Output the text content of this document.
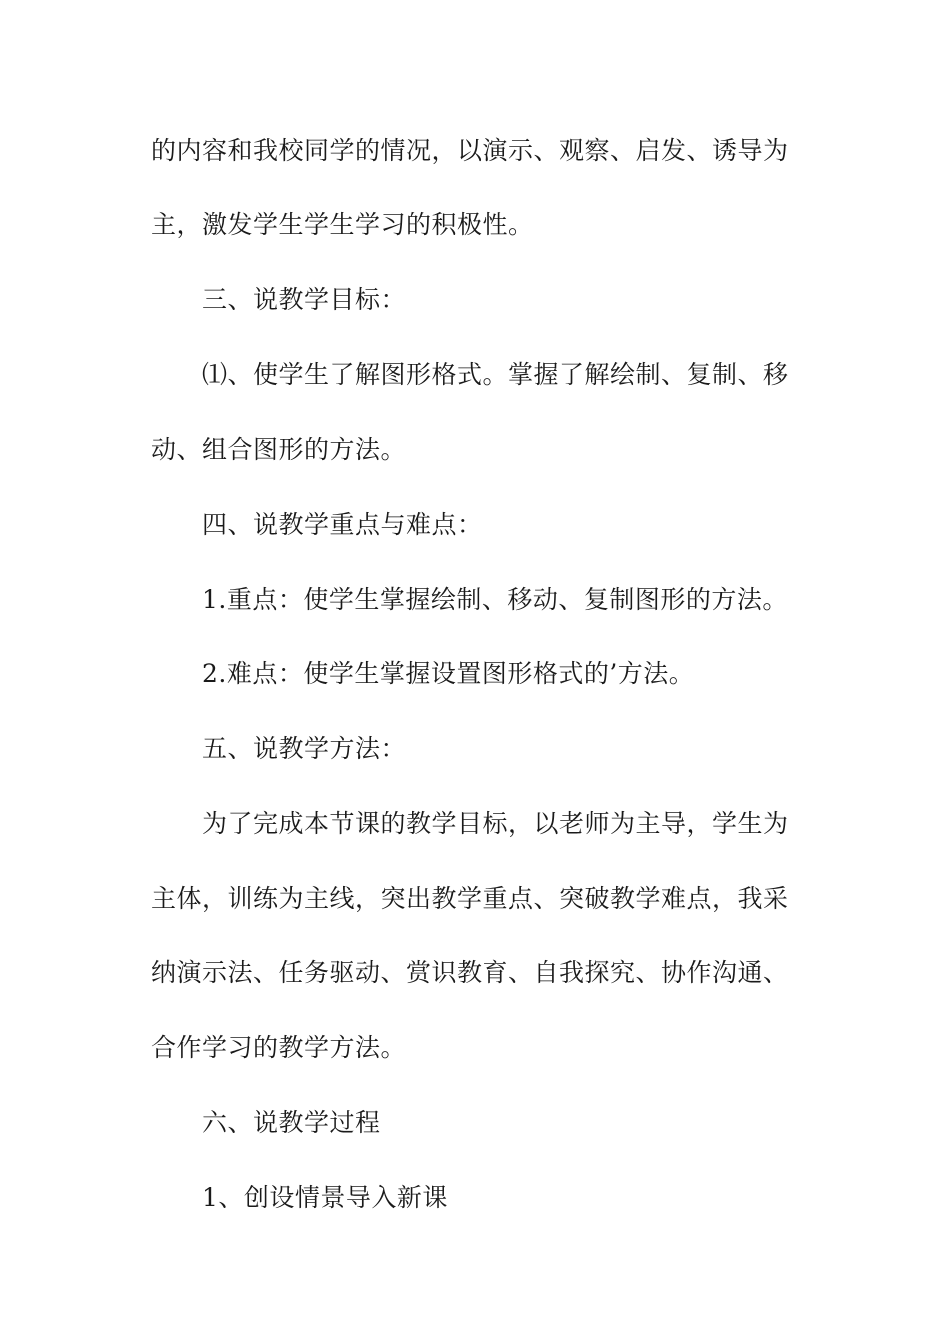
的内容和我校同学的情况，以演示、观察、启发、诱导为
主，激发学生学生学习的积极性。
三、说教学目标：
⑴、使学生了解图形格式。掌握了解绘制、复制、移
动、组合图形的方法。
四、说教学重点与难点：
1.重点：使学生掌握绘制、移动、复制图形的方法。
2.难点：使学生掌握设置图形格式的’方法。
五、说教学方法：
为了完成本节课的教学目标，以老师为主导，学生为
主体，训练为主线，突出教学重点、突破教学难点，我采
纳演示法、任务驱动、赏识教育、自我探究、协作沟通、
合作学习的教学方法。
六、说教学过程
1、创设情景导入新课
